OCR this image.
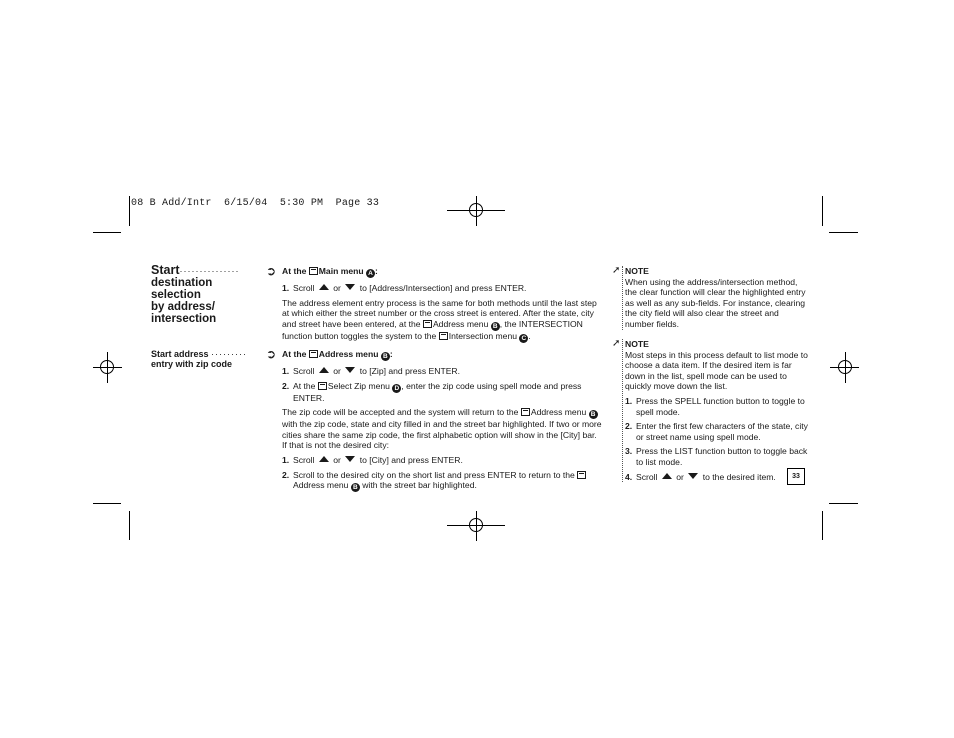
08 B Add/Intr  6/15/04  5:30 PM  Page 33
Start···············
destination
selection
by address/
intersection
➲
Start address ·········
entry with zip code
➲

At the Main menu A :

1. Scroll or to [Address/Intersection] and press ENTER.

The address element entry process is the same for both methods until the last step at which either the street number or the cross street is entered. After the state, city and street have been entered, at the Address menu B , the INTERSECTION function button toggles the system to the Intersection menu C .

At the Address menu B :

1. Scroll or to [Zip] and press ENTER.
2. At the Select Zip menu D , enter the zip code using spell mode and press ENTER.

The zip code will be accepted and the system will return to the Address menu B with the zip code, state and city filled in and the street bar highlighted. If two or more cities share the same zip code, the first alphabetic option will show in the [City] bar. If that is not the desired city:

1. Scroll or to [City] and press ENTER.
2. Scroll to the desired city on the short list and press ENTER to return to the Address menu B with the street bar highlighted.
➚ NOTE

When using the address/intersection method, the clear function will clear the highlighted entry as well as any sub-fields. For instance, clearing the city field will also clear the street and number fields.

➚ NOTE

Most steps in this process default to list mode to choose a data item. If the desired item is far down in the list, spell mode can be used to quickly move down the list.

1. Press the SPELL function button to toggle to spell mode.
2. Enter the first few characters of the state, city or street name using spell mode.
3. Press the LIST function button to toggle back to list mode.
4. Scroll or to the desired item.	33
